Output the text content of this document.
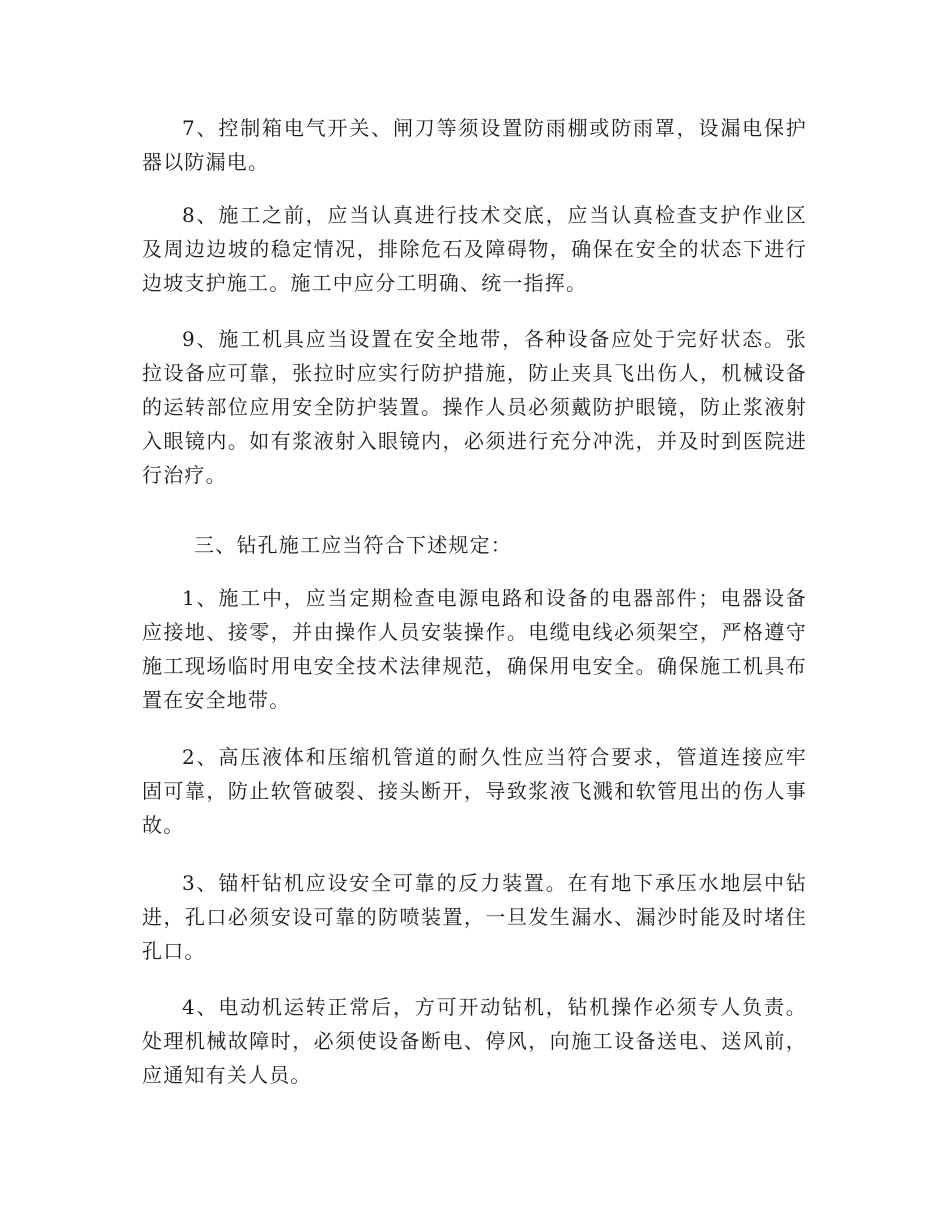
7、控制箱电气开关、闸刀等须设置防雨棚或防雨罩，设漏电保护器以防漏电。

8、施工之前，应当认真进行技术交底，应当认真检查支护作业区及周边边坡的稳定情况，排除危石及障碍物，确保在安全的状态下进行边坡支护施工。施工中应分工明确、统一指挥。

9、施工机具应当设置在安全地带，各种设备应处于完好状态。张拉设备应可靠，张拉时应实行防护措施，防止夹具飞出伤人，机械设备的运转部位应用安全防护装置。操作人员必须戴防护眼镜，防止浆液射入眼镜内。如有浆液射入眼镜内，必须进行充分冲洗，并及时到医院进行治疗。

三、钻孔施工应当符合下述规定：

1、施工中，应当定期检查电源电路和设备的电器部件；电器设备应接地、接零，并由操作人员安装操作。电缆电线必须架空，严格遵守施工现场临时用电安全技术法律规范，确保用电安全。确保施工机具布置在安全地带。

2、高压液体和压缩机管道的耐久性应当符合要求，管道连接应牢固可靠，防止软管破裂、接头断开，导致浆液飞溅和软管甩出的伤人事故。

3、锚杆钻机应设安全可靠的反力装置。在有地下承压水地层中钻进，孔口必须安设可靠的防喷装置，一旦发生漏水、漏沙时能及时堵住孔口。

4、电动机运转正常后，方可开动钻机，钻机操作必须专人负责。处理机械故障时，必须使设备断电、停风，向施工设备送电、送风前，应通知有关人员。
